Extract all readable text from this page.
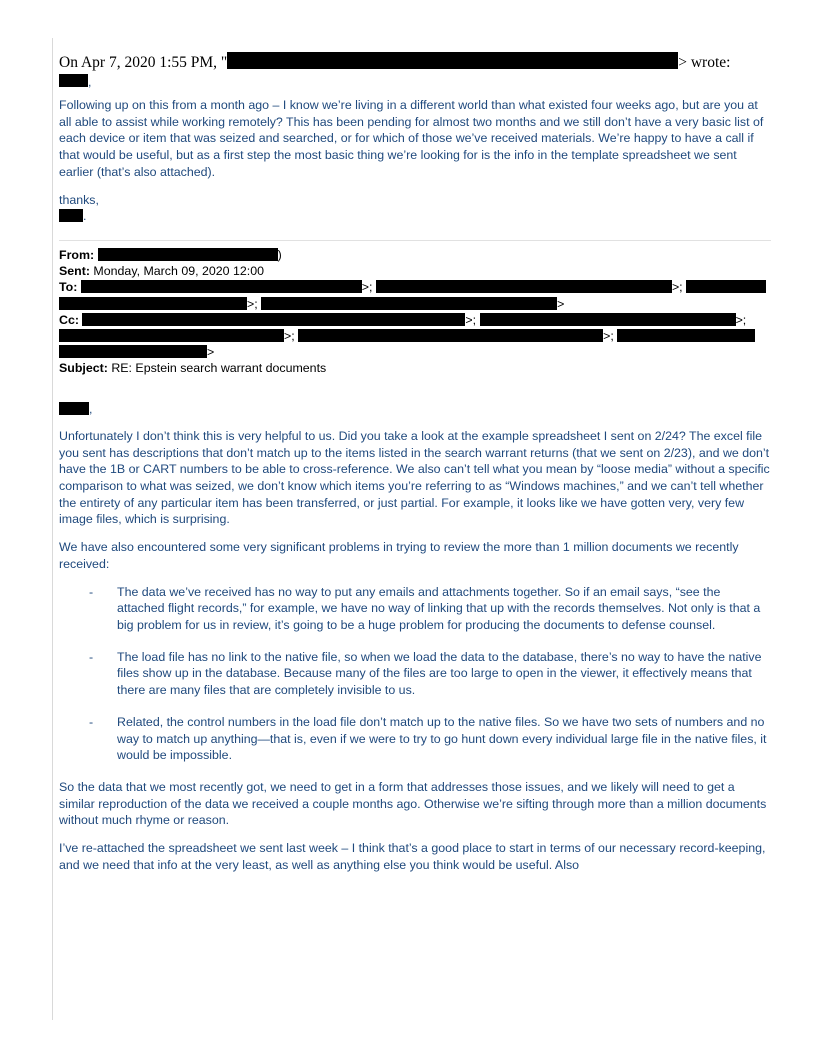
On Apr 7, 2020 1:55 PM, "	> wrote:
,

Following up on this from a month ago – I know we’re living in a different world than what existed four weeks ago, but are you at all able to assist while working remotely? This has been pending for almost two months and we still don’t have a very basic list of each device or item that was seized and searched, or for which of those we’ve received materials. We’re happy to have a call if that would be useful, but as a first step the most basic thing we’re looking for is the info in the template spreadsheet we sent earlier (that’s also attached).

thanks,

.
From:	)
Sent: Monday, March 09, 2020 12:00
To:	>;	>;
>;	>
Cc:	>;	>;
>;	>;
>
Subject: RE: Epstein search warrant documents
,

Unfortunately I don’t think this is very helpful to us. Did you take a look at the example spreadsheet I sent on 2/24? The excel file you sent has descriptions that don’t match up to the items listed in the search warrant returns (that we sent on 2/23), and we don’t have the 1B or CART numbers to be able to cross-reference. We also can’t tell what you mean by “loose media” without a specific comparison to what was seized, we don’t know which items you’re referring to as “Windows machines,” and we can’t tell whether the entirety of any particular item has been transferred, or just partial. For example, it looks like we have gotten very, very few image files, which is surprising.

We have also encountered some very significant problems in trying to review the more than 1 million documents we recently received:

- The data we’ve received has no way to put any emails and attachments together. So if an email says, “see the attached flight records,” for example, we have no way of linking that up with the records themselves. Not only is that a big problem for us in review, it’s going to be a huge problem for producing the documents to defense counsel.
- The load file has no link to the native file, so when we load the data to the database, there’s no way to have the native files show up in the database. Because many of the files are too large to open in the viewer, it effectively means that there are many files that are completely invisible to us.
- Related, the control numbers in the load file don’t match up to the native files. So we have two sets of numbers and no way to match up anything—that is, even if we were to try to go hunt down every individual large file in the native files, it would be impossible.

So the data that we most recently got, we need to get in a form that addresses those issues, and we likely will need to get a similar reproduction of the data we received a couple months ago. Otherwise we’re sifting through more than a million documents without much rhyme or reason.

I’ve re-attached the spreadsheet we sent last week – I think that’s a good place to start in terms of our necessary record-keeping, and we need that info at the very least, as well as anything else you think would be useful. Also
